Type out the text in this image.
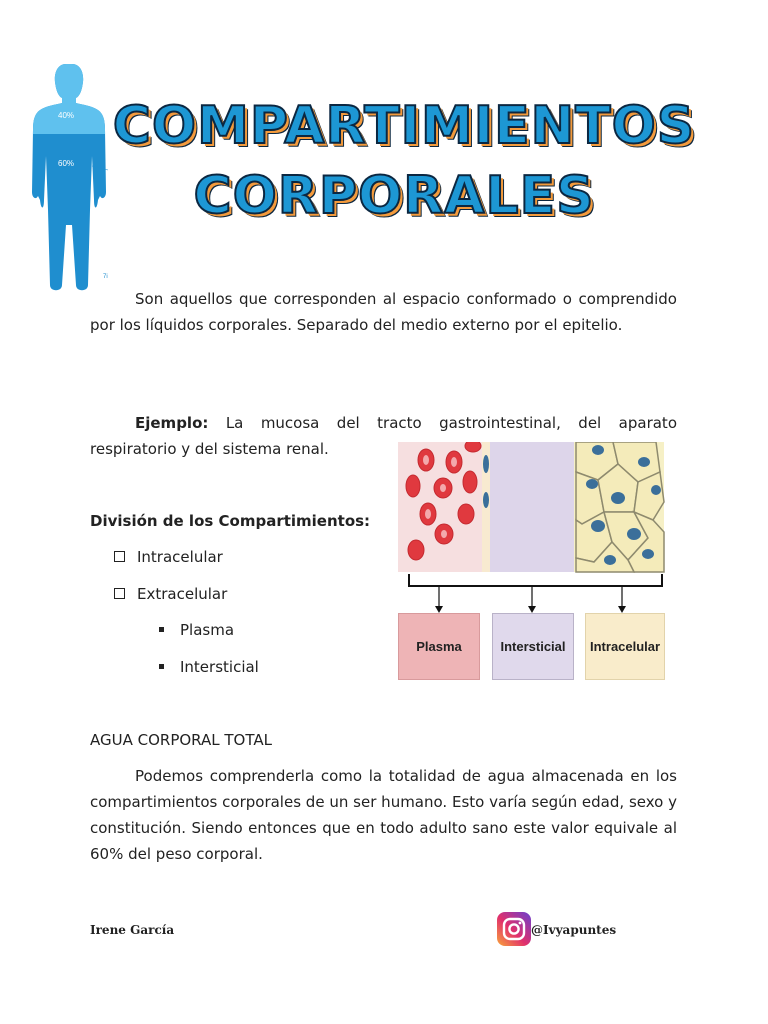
40%
60%
7i
COMPARTIMIENTOS
CORPORALES
Son aquellos que corresponden al espacio conformado o comprendido por los líquidos corporales. Separado del medio externo por el epitelio.
Ejemplo: La mucosa del tracto gastrointestinal, del aparato respiratorio y del sistema renal.
División de los Compartimientos:
Intracelular
Extracelular
Plasma
Intersticial
Plasma	Intersticial	Intracelular
AGUA CORPORAL TOTAL
Podemos comprenderla como la totalidad de agua almacenada en los compartimientos corporales de un ser humano. Esto varía según edad, sexo y constitución. Siendo entonces que en todo adulto sano este valor equivale al 60% del peso corporal.
Irene García	@Ivyapuntes
